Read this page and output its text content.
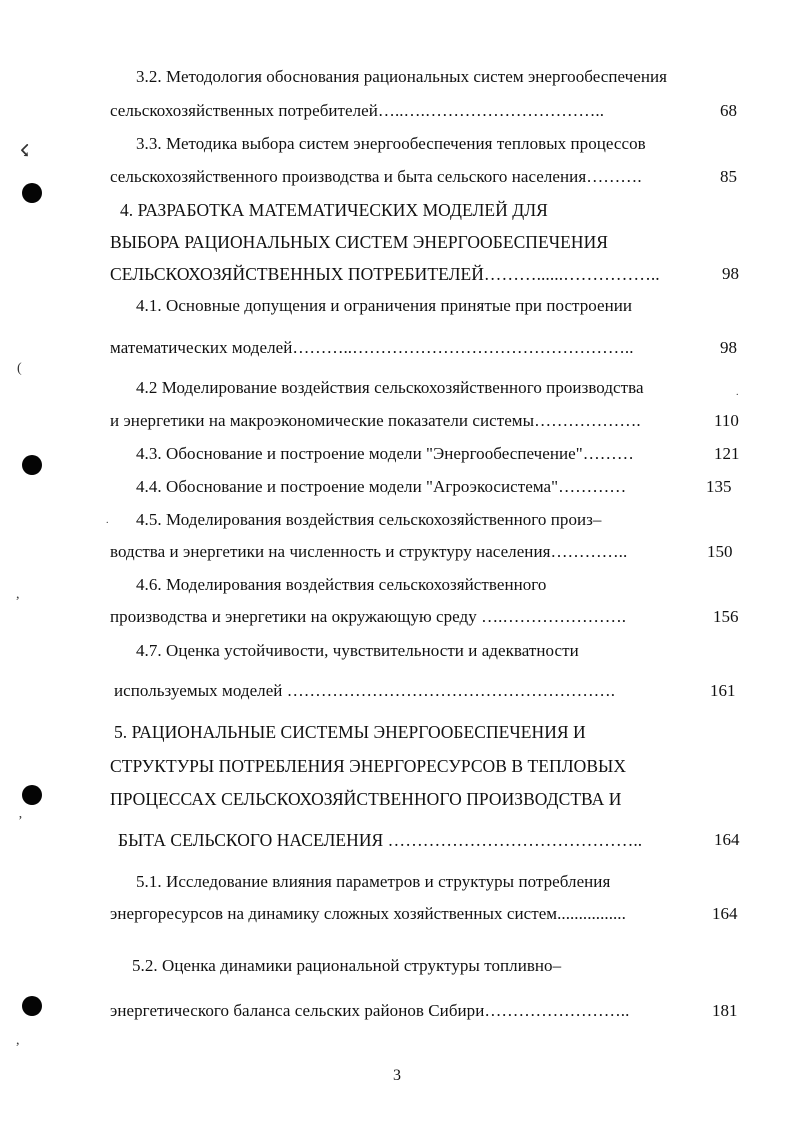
☇
(
,
ʼ
,
.
.
3.2. Методология обоснования рациональных систем энергообеспечения
сельскохозяйственных потребителей…..….…………………………..	68
3.3. Методика выбора систем энергообеспечения тепловых процессов
сельскохозяйственного производства и быта сельского населения……….	85
4. РАЗРАБОТКА МАТЕМАТИЧЕСКИХ МОДЕЛЕЙ ДЛЯ
ВЫБОРА РАЦИОНАЛЬНЫХ СИСТЕМ ЭНЕРГООБЕСПЕЧЕНИЯ
СЕЛЬСКОХОЗЯЙСТВЕННЫХ ПОТРЕБИТЕЛЕЙ………......……………..	98
4.1. Основные допущения и ограничения принятые при построении
математических моделей………..…………………………………………..	98
4.2 Моделирование воздействия сельскохозяйственного производства
и энергетики на макроэкономические показатели системы……………….	110
4.3. Обоснование и построение модели "Энергообеспечение"………	121
4.4. Обоснование и построение модели "Агроэкосистема"…………	135
4.5. Моделирования воздействия сельскохозяйственного произ–
водства и энергетики на численность и структуру населения…………..	150
4.6. Моделирования воздействия сельскохозяйственного
производства и энергетики на окружающую среду ….………………….	156
4.7. Оценка устойчивости, чувствительности и адекватности
используемых моделей ………………………………………………….	161
5. РАЦИОНАЛЬНЫЕ СИСТЕМЫ ЭНЕРГООБЕСПЕЧЕНИЯ И
СТРУКТУРЫ ПОТРЕБЛЕНИЯ ЭНЕРГОРЕСУРСОВ В ТЕПЛОВЫХ
ПРОЦЕССАХ СЕЛЬСКОХОЗЯЙСТВЕННОГО ПРОИЗВОДСТВА И
БЫТА СЕЛЬСКОГО НАСЕЛЕНИЯ ……………………………………..	164
5.1. Исследование влияния параметров и структуры потребления
энергоресурсов на динамику сложных хозяйственных систем................	164
5.2. Оценка динамики рациональной структуры топливно–
энергетического баланса сельских районов Сибири……………………..	181
3
